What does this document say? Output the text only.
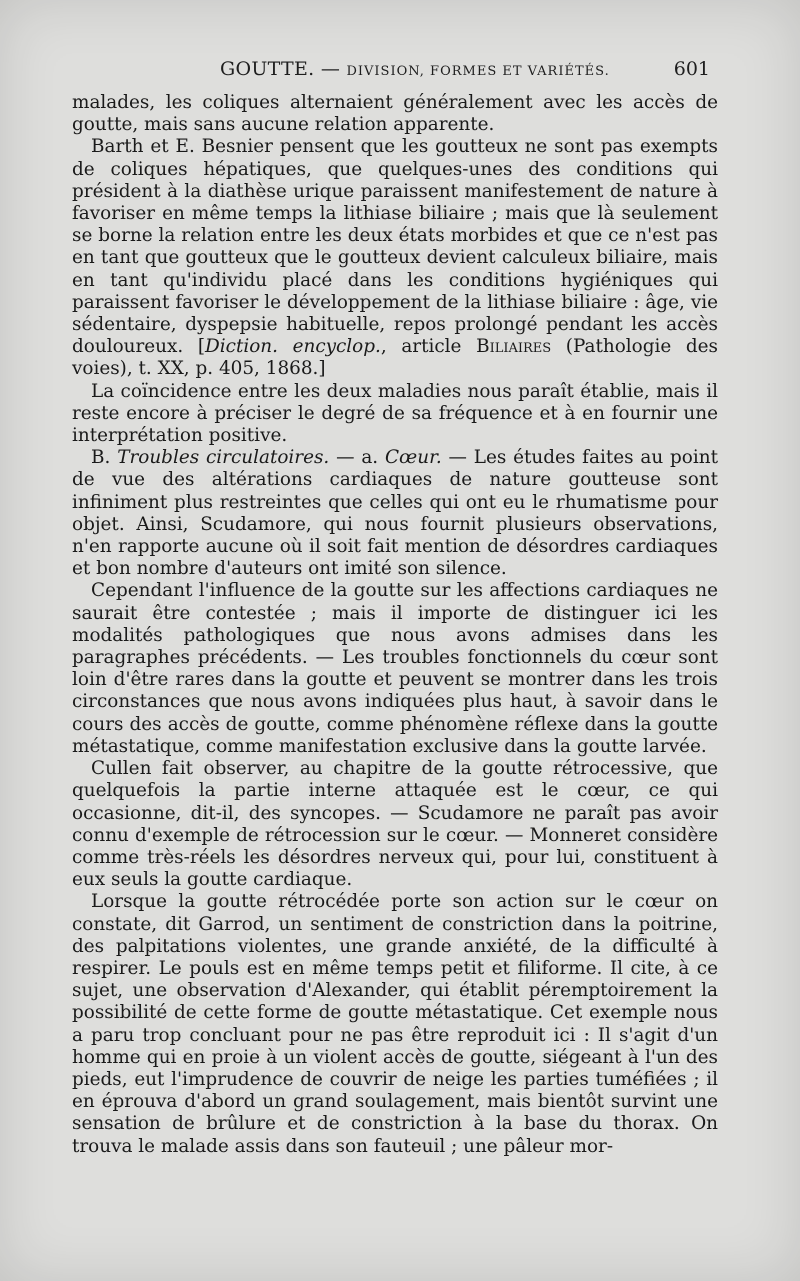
GOUTTE. — DIVISION, FORMES ET VARIÉTÉS.	601

malades, les coliques alternaient généralement avec les accès de goutte, mais sans aucune relation apparente.

Barth et E. Besnier pensent que les goutteux ne sont pas exempts de coliques hépatiques, que quelques-unes des conditions qui président à la diathèse urique paraissent manifestement de nature à favoriser en même temps la lithiase biliaire ; mais que là seulement se borne la relation entre les deux états morbides et que ce n'est pas en tant que goutteux que le goutteux devient calculeux biliaire, mais en tant qu'individu placé dans les conditions hygiéniques qui paraissent favoriser le développement de la lithiase biliaire : âge, vie sédentaire, dyspepsie habituelle, repos prolongé pendant les accès douloureux. [Diction. encyclop., article Biliaires (Pathologie des voies), t. XX, p. 405, 1868.]

La coïncidence entre les deux maladies nous paraît établie, mais il reste encore à préciser le degré de sa fréquence et à en fournir une interprétation positive.

B. Troubles circulatoires. — a. Cœur. — Les études faites au point de vue des altérations cardiaques de nature goutteuse sont infiniment plus restreintes que celles qui ont eu le rhumatisme pour objet. Ainsi, Scudamore, qui nous fournit plusieurs observations, n'en rapporte aucune où il soit fait mention de désordres cardiaques et bon nombre d'auteurs ont imité son silence.

Cependant l'influence de la goutte sur les affections cardiaques ne saurait être contestée ; mais il importe de distinguer ici les modalités pathologiques que nous avons admises dans les paragraphes précédents. — Les troubles fonctionnels du cœur sont loin d'être rares dans la goutte et peuvent se montrer dans les trois circonstances que nous avons indiquées plus haut, à savoir dans le cours des accès de goutte, comme phénomène réflexe dans la goutte métastatique, comme manifestation exclusive dans la goutte larvée.

Cullen fait observer, au chapitre de la goutte rétrocessive, que quelquefois la partie interne attaquée est le cœur, ce qui occasionne, dit-il, des syncopes. — Scudamore ne paraît pas avoir connu d'exemple de rétrocession sur le cœur. — Monneret considère comme très-réels les désordres nerveux qui, pour lui, constituent à eux seuls la goutte cardiaque.

Lorsque la goutte rétrocédée porte son action sur le cœur on constate, dit Garrod, un sentiment de constriction dans la poitrine, des palpitations violentes, une grande anxiété, de la difficulté à respirer. Le pouls est en même temps petit et filiforme. Il cite, à ce sujet, une observation d'Alexander, qui établit péremptoirement la possibilité de cette forme de goutte métastatique. Cet exemple nous a paru trop concluant pour ne pas être reproduit ici : Il s'agit d'un homme qui en proie à un violent accès de goutte, siégeant à l'un des pieds, eut l'imprudence de couvrir de neige les parties tuméfiées ; il en éprouva d'abord un grand soulagement, mais bientôt survint une sensation de brûlure et de constriction à la base du thorax. On trouva le malade assis dans son fauteuil ; une pâleur mor-
